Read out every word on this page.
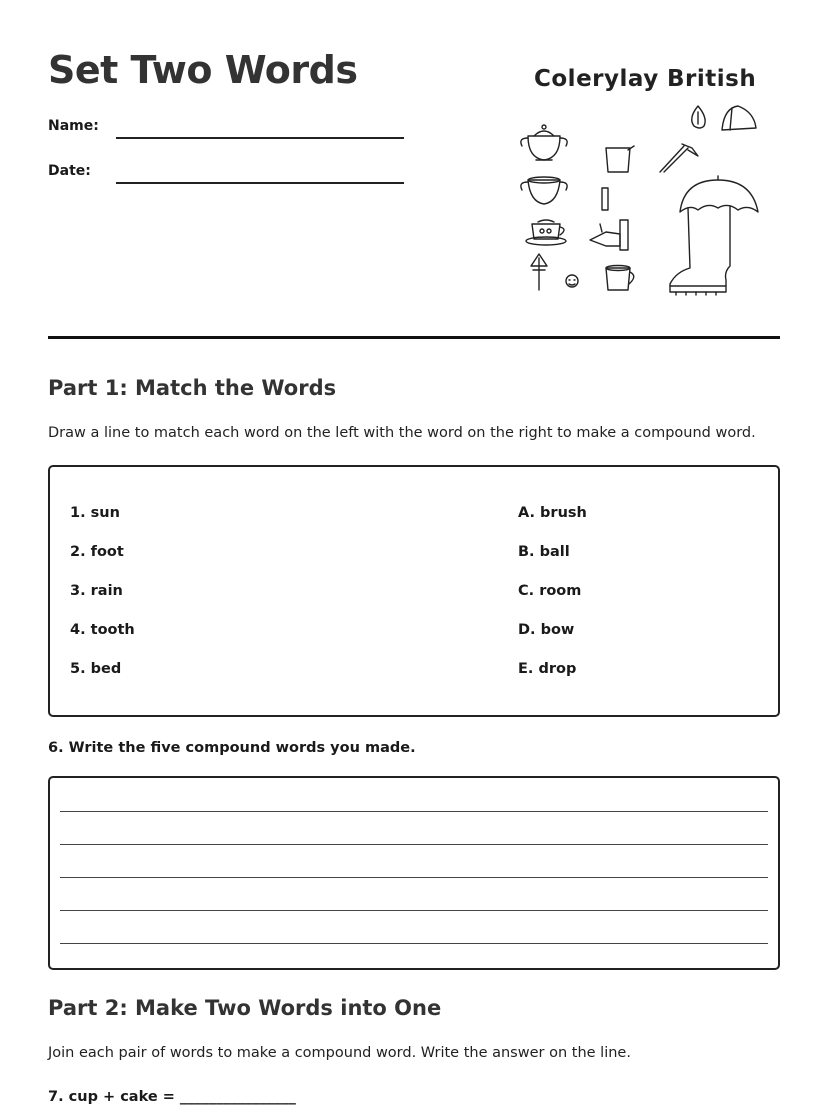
Set Two Words
Name:
Date:
Colerylay British
Part 1: Match the Words
Draw a line to match each word on the left with the word on the right to make a compound word.
1. sun
2. foot
3. rain
4. tooth
5. bed
A. brush
B. ball
C. room
D. bow
E. drop
6. Write the five compound words you made.
Part 2: Make Two Words into One
Join each pair of words to make a compound word. Write the answer on the line.
7. cup + cake = ________________
